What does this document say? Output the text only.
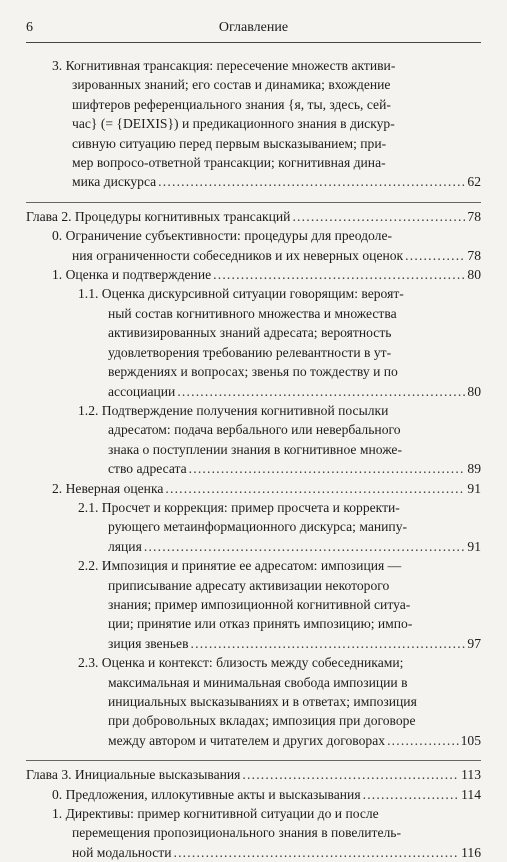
6	Оглавление
3. Когнитивная трансакция: пересечение множеств активи-
зированных знаний; его состав и динамика; вхождение
шифтеров референциального знания {я, ты, здесь, сей-
час} (= {DEIXIS}) и предикационного знания в дискур-
сивную ситуацию перед первым высказыванием; при-
мер вопросо-ответной трансакции; когнитивная дина-
мика дискурса .....	62
Глава 2. Процедуры когнитивных трансакций .....	78
0. Ограничение субъективности: процедуры для преодоле-
ния ограниченности собеседников и их неверных оценок .....	78
1. Оценка и подтверждение .....	80
1.1. Оценка дискурсивной ситуации говорящим: вероят-
ный состав когнитивного множества и множества
активизированных знаний адресата; вероятность
удовлетворения требованию релевантности в ут-
верждениях и вопросах; звенья по тождеству и по
ассоциации .....	80
1.2. Подтверждение получения когнитивной посылки
адресатом: подача вербального или невербального
знака о поступлении знания в когнитивное множе-
ство адресата .....	89
2. Неверная оценка .....	91
2.1. Просчет и коррекция: пример просчета и корректи-
рующего метаинформационного дискурса; манипу-
ляция .....	91
2.2. Импозиция и принятие ее адресатом: импозиция —
приписывание адресату активизации некоторого
знания; пример импозиционной когнитивной ситуа-
ции; принятие или отказ принять импозицию; импо-
зиция звеньев .....	97
2.3. Оценка и контекст: близость между собеседниками;
максимальная и минимальная свобода импозиции в
инициальных высказываниях и в ответах; импозиция
при добровольных вкладах; импозиция при договоре
между автором и читателем и других договорах .....	105
Глава 3. Инициальные высказывания .....	113
0. Предложения, иллокутивные акты и высказывания .....	114
1. Директивы: пример когнитивной ситуации до и после
перемещения пропозиционального знания в повелитель-
ной модальности .....	116
